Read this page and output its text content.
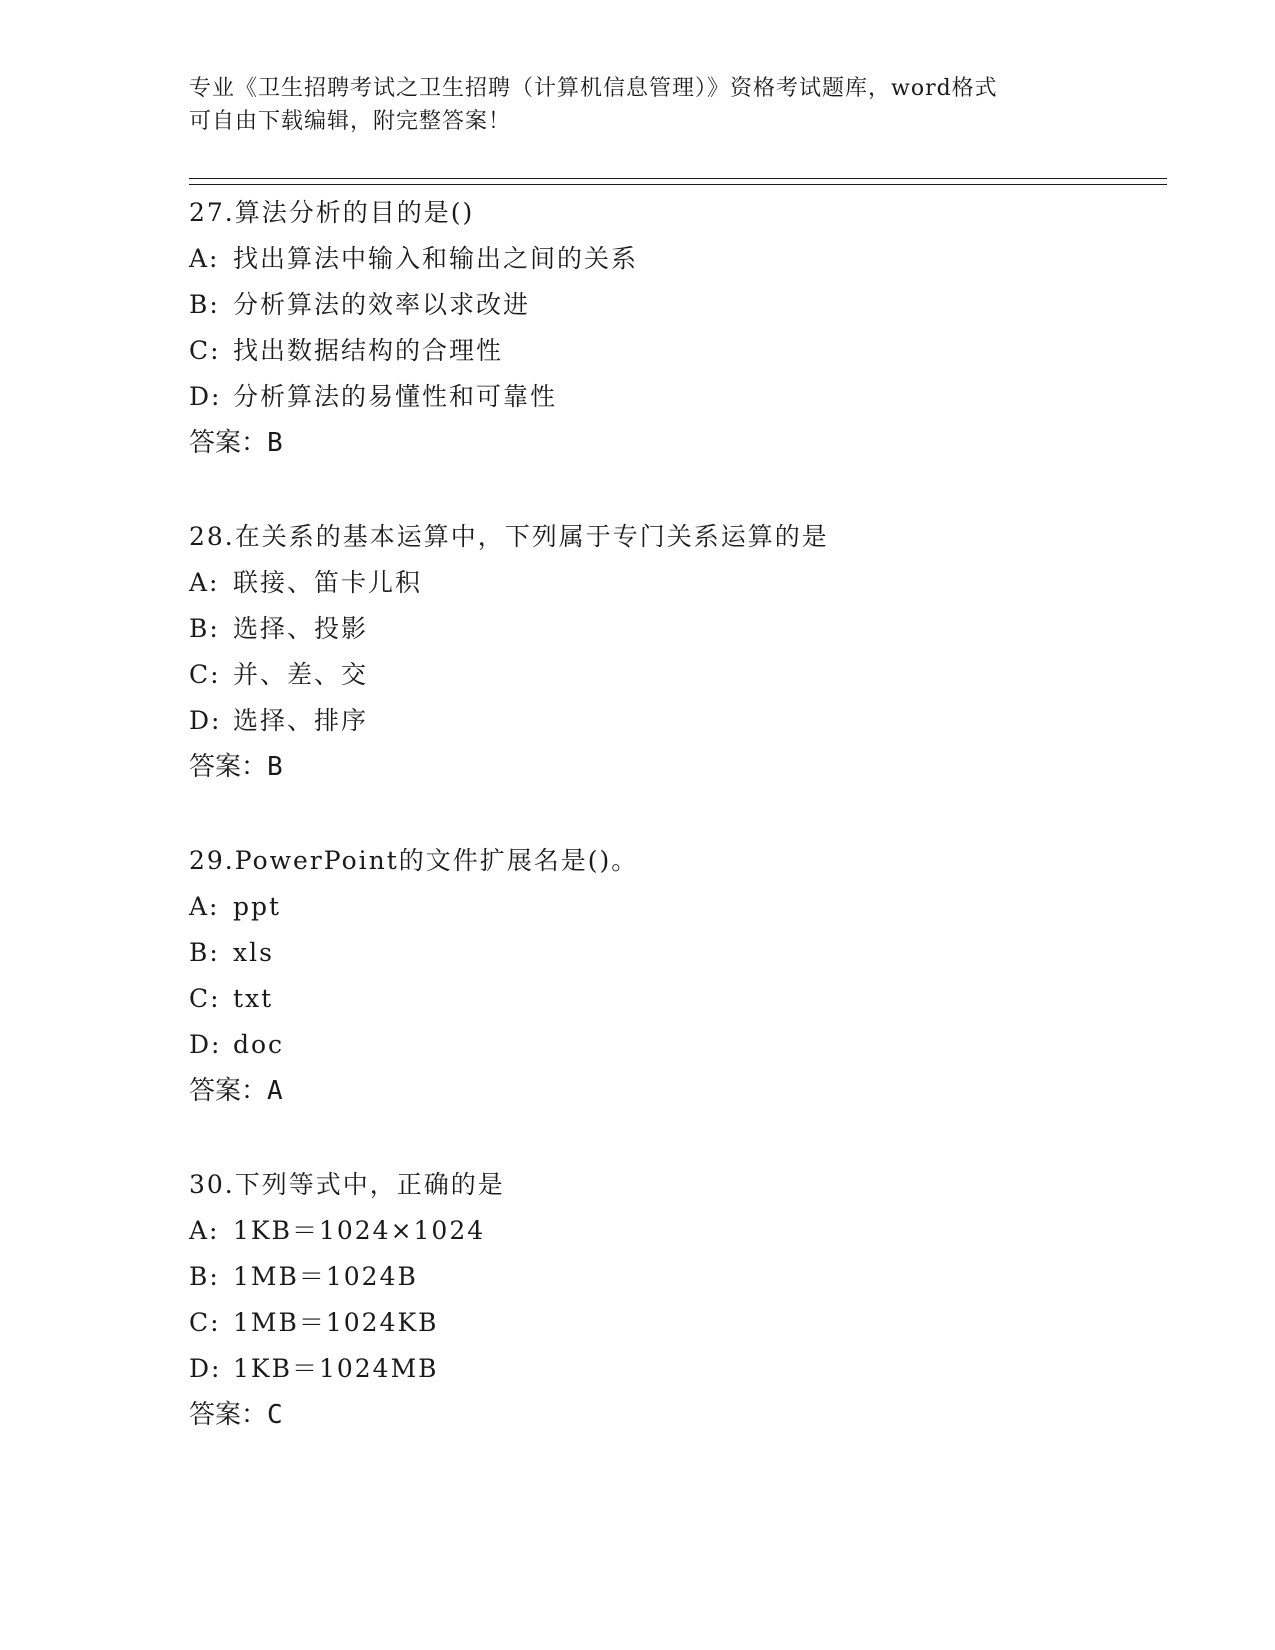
专业《卫生招聘考试之卫生招聘（计算机信息管理）》资格考试题库，word格式
可自由下载编辑，附完整答案！
27.算法分析的目的是()
A: 找出算法中输入和输出之间的关系
B: 分析算法的效率以求改进
C: 找出数据结构的合理性
D: 分析算法的易懂性和可靠性
答案：B
28.在关系的基本运算中，下列属于专门关系运算的是
A: 联接、笛卡儿积
B: 选择、投影
C: 并、差、交
D: 选择、排序
答案：B
29.PowerPoint的文件扩展名是()。
A: ppt
B: xls
C: txt
D: doc
答案：A
30.下列等式中，正确的是
A: 1KB＝1024×1024
B: 1MB＝1024B
C: 1MB＝1024KB
D: 1KB＝1024MB
答案：C
